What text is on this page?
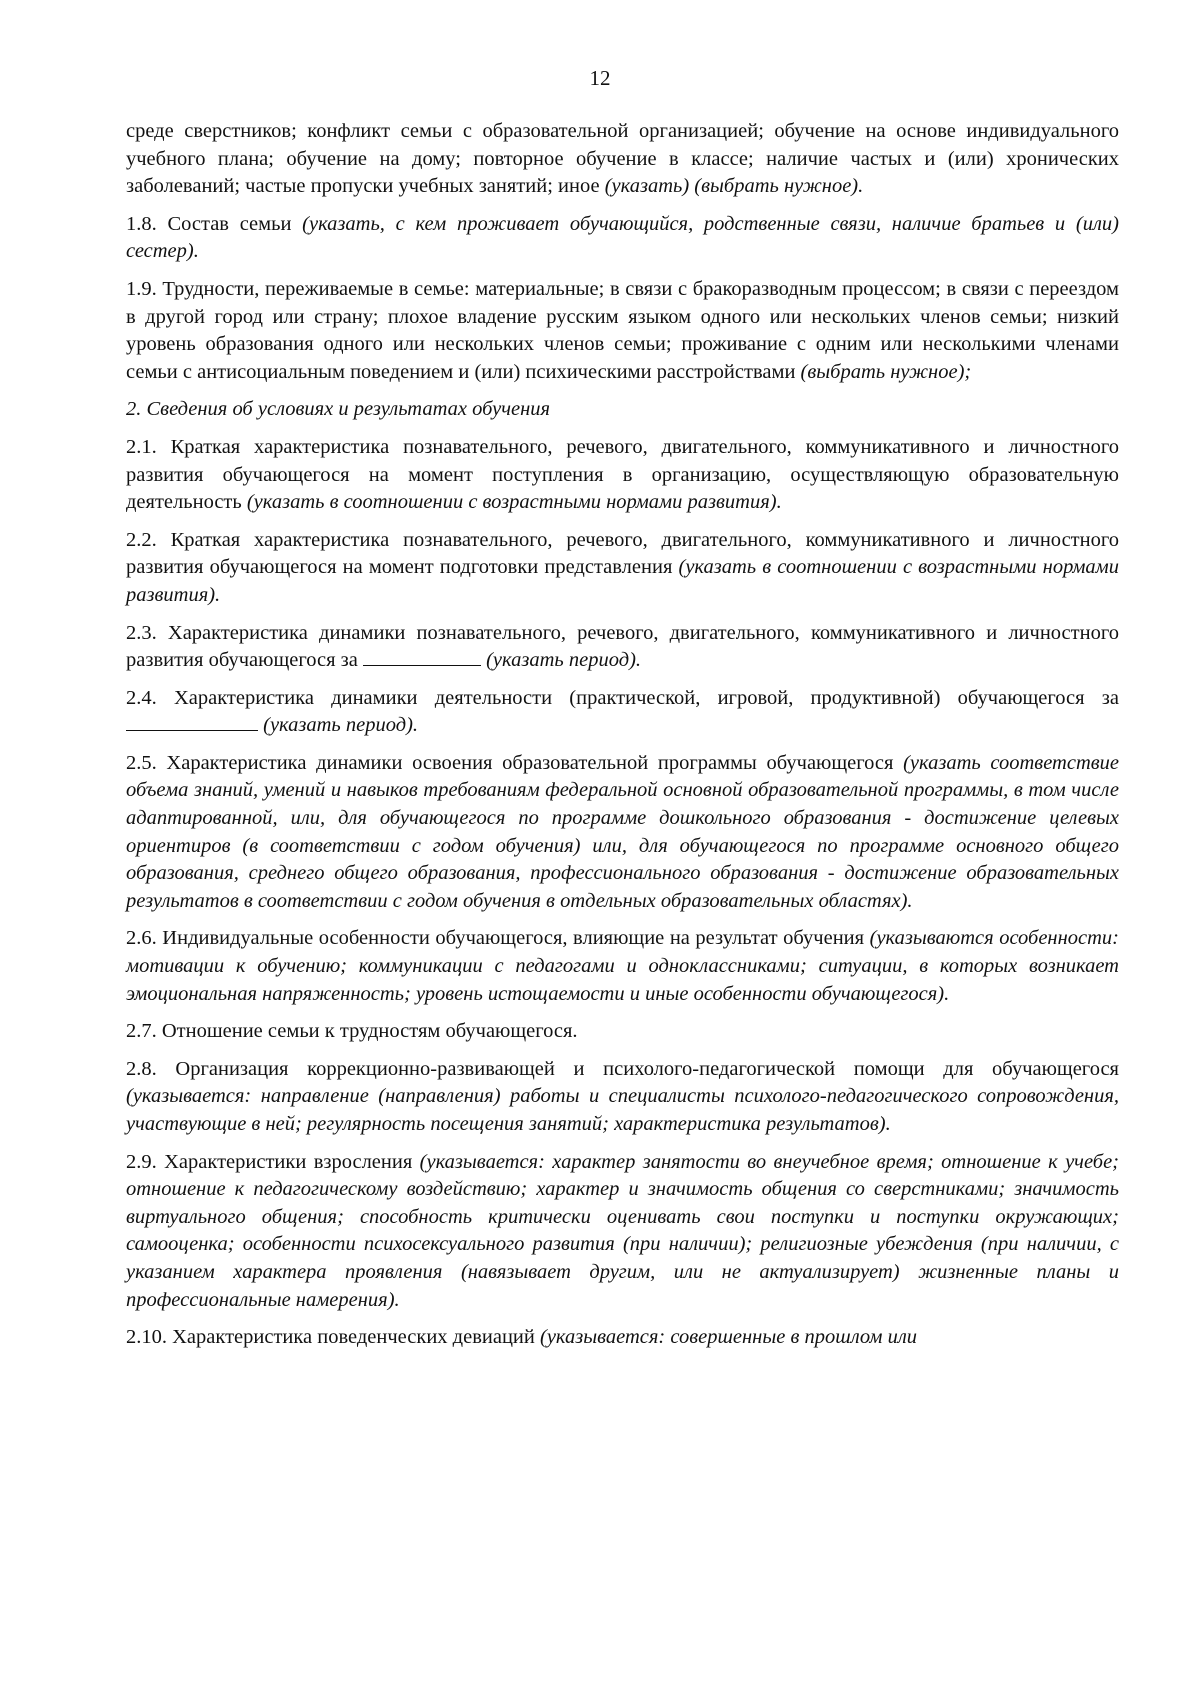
12

среде сверстников; конфликт семьи с образовательной организацией; обучение на основе индивидуального учебного плана; обучение на дому; повторное обучение в классе; наличие частых и (или) хронических заболеваний; частые пропуски учебных занятий; иное (указать) (выбрать нужное).

1.8. Состав семьи (указать, с кем проживает обучающийся, родственные связи, наличие братьев и (или) сестер).

1.9. Трудности, переживаемые в семье: материальные; в связи с бракоразводным процессом; в связи с переездом в другой город или страну; плохое владение русским языком одного или нескольких членов семьи; низкий уровень образования одного или нескольких членов семьи; проживание с одним или несколькими членами семьи с антисоциальным поведением и (или) психическими расстройствами (выбрать нужное);

2. Сведения об условиях и результатах обучения

2.1. Краткая характеристика познавательного, речевого, двигательного, коммуникативного и личностного развития обучающегося на момент поступления в организацию, осуществляющую образовательную деятельность (указать в соотношении с возрастными нормами развития).

2.2. Краткая характеристика познавательного, речевого, двигательного, коммуникативного и личностного развития обучающегося на момент подготовки представления (указать в соотношении с возрастными нормами развития).

2.3. Характеристика динамики познавательного, речевого, двигательного, коммуникативного и личностного развития обучающегося за	(указать период).

2.4. Характеристика динамики деятельности (практической, игровой, продуктивной) обучающегося за  (указать период).

2.5. Характеристика динамики освоения образовательной программы обучающегося (указать соответствие объема знаний, умений и навыков требованиям федеральной основной образовательной программы, в том числе адаптированной, или, для обучающегося по программе дошкольного образования - достижение целевых ориентиров (в соответствии с годом обучения) или, для обучающегося по программе основного общего образования, среднего общего образования, профессионального образования - достижение образовательных результатов в соответствии с годом обучения в отдельных образовательных областях).

2.6. Индивидуальные особенности обучающегося, влияющие на результат обучения (указываются особенности: мотивации к обучению; коммуникации с педагогами и одноклассниками; ситуации, в которых возникает эмоциональная напряженность; уровень истощаемости и иные особенности обучающегося).

2.7. Отношение семьи к трудностям обучающегося.

2.8. Организация коррекционно-развивающей и психолого-педагогической помощи для обучающегося (указывается: направление (направления) работы и специалисты психолого-педагогического сопровождения, участвующие в ней; регулярность посещения занятий; характеристика результатов).

2.9. Характеристики взросления (указывается: характер занятости во внеучебное время; отношение к учебе; отношение к педагогическому воздействию; характер и значимость общения со сверстниками; значимость виртуального общения; способность критически оценивать свои поступки и поступки окружающих; самооценка; особенности психосексуального развития (при наличии); религиозные убеждения (при наличии, с указанием характера проявления (навязывает другим, или не актуализирует) жизненные планы и профессиональные намерения).

2.10. Характеристика поведенческих девиаций (указывается: совершенные в прошлом или
